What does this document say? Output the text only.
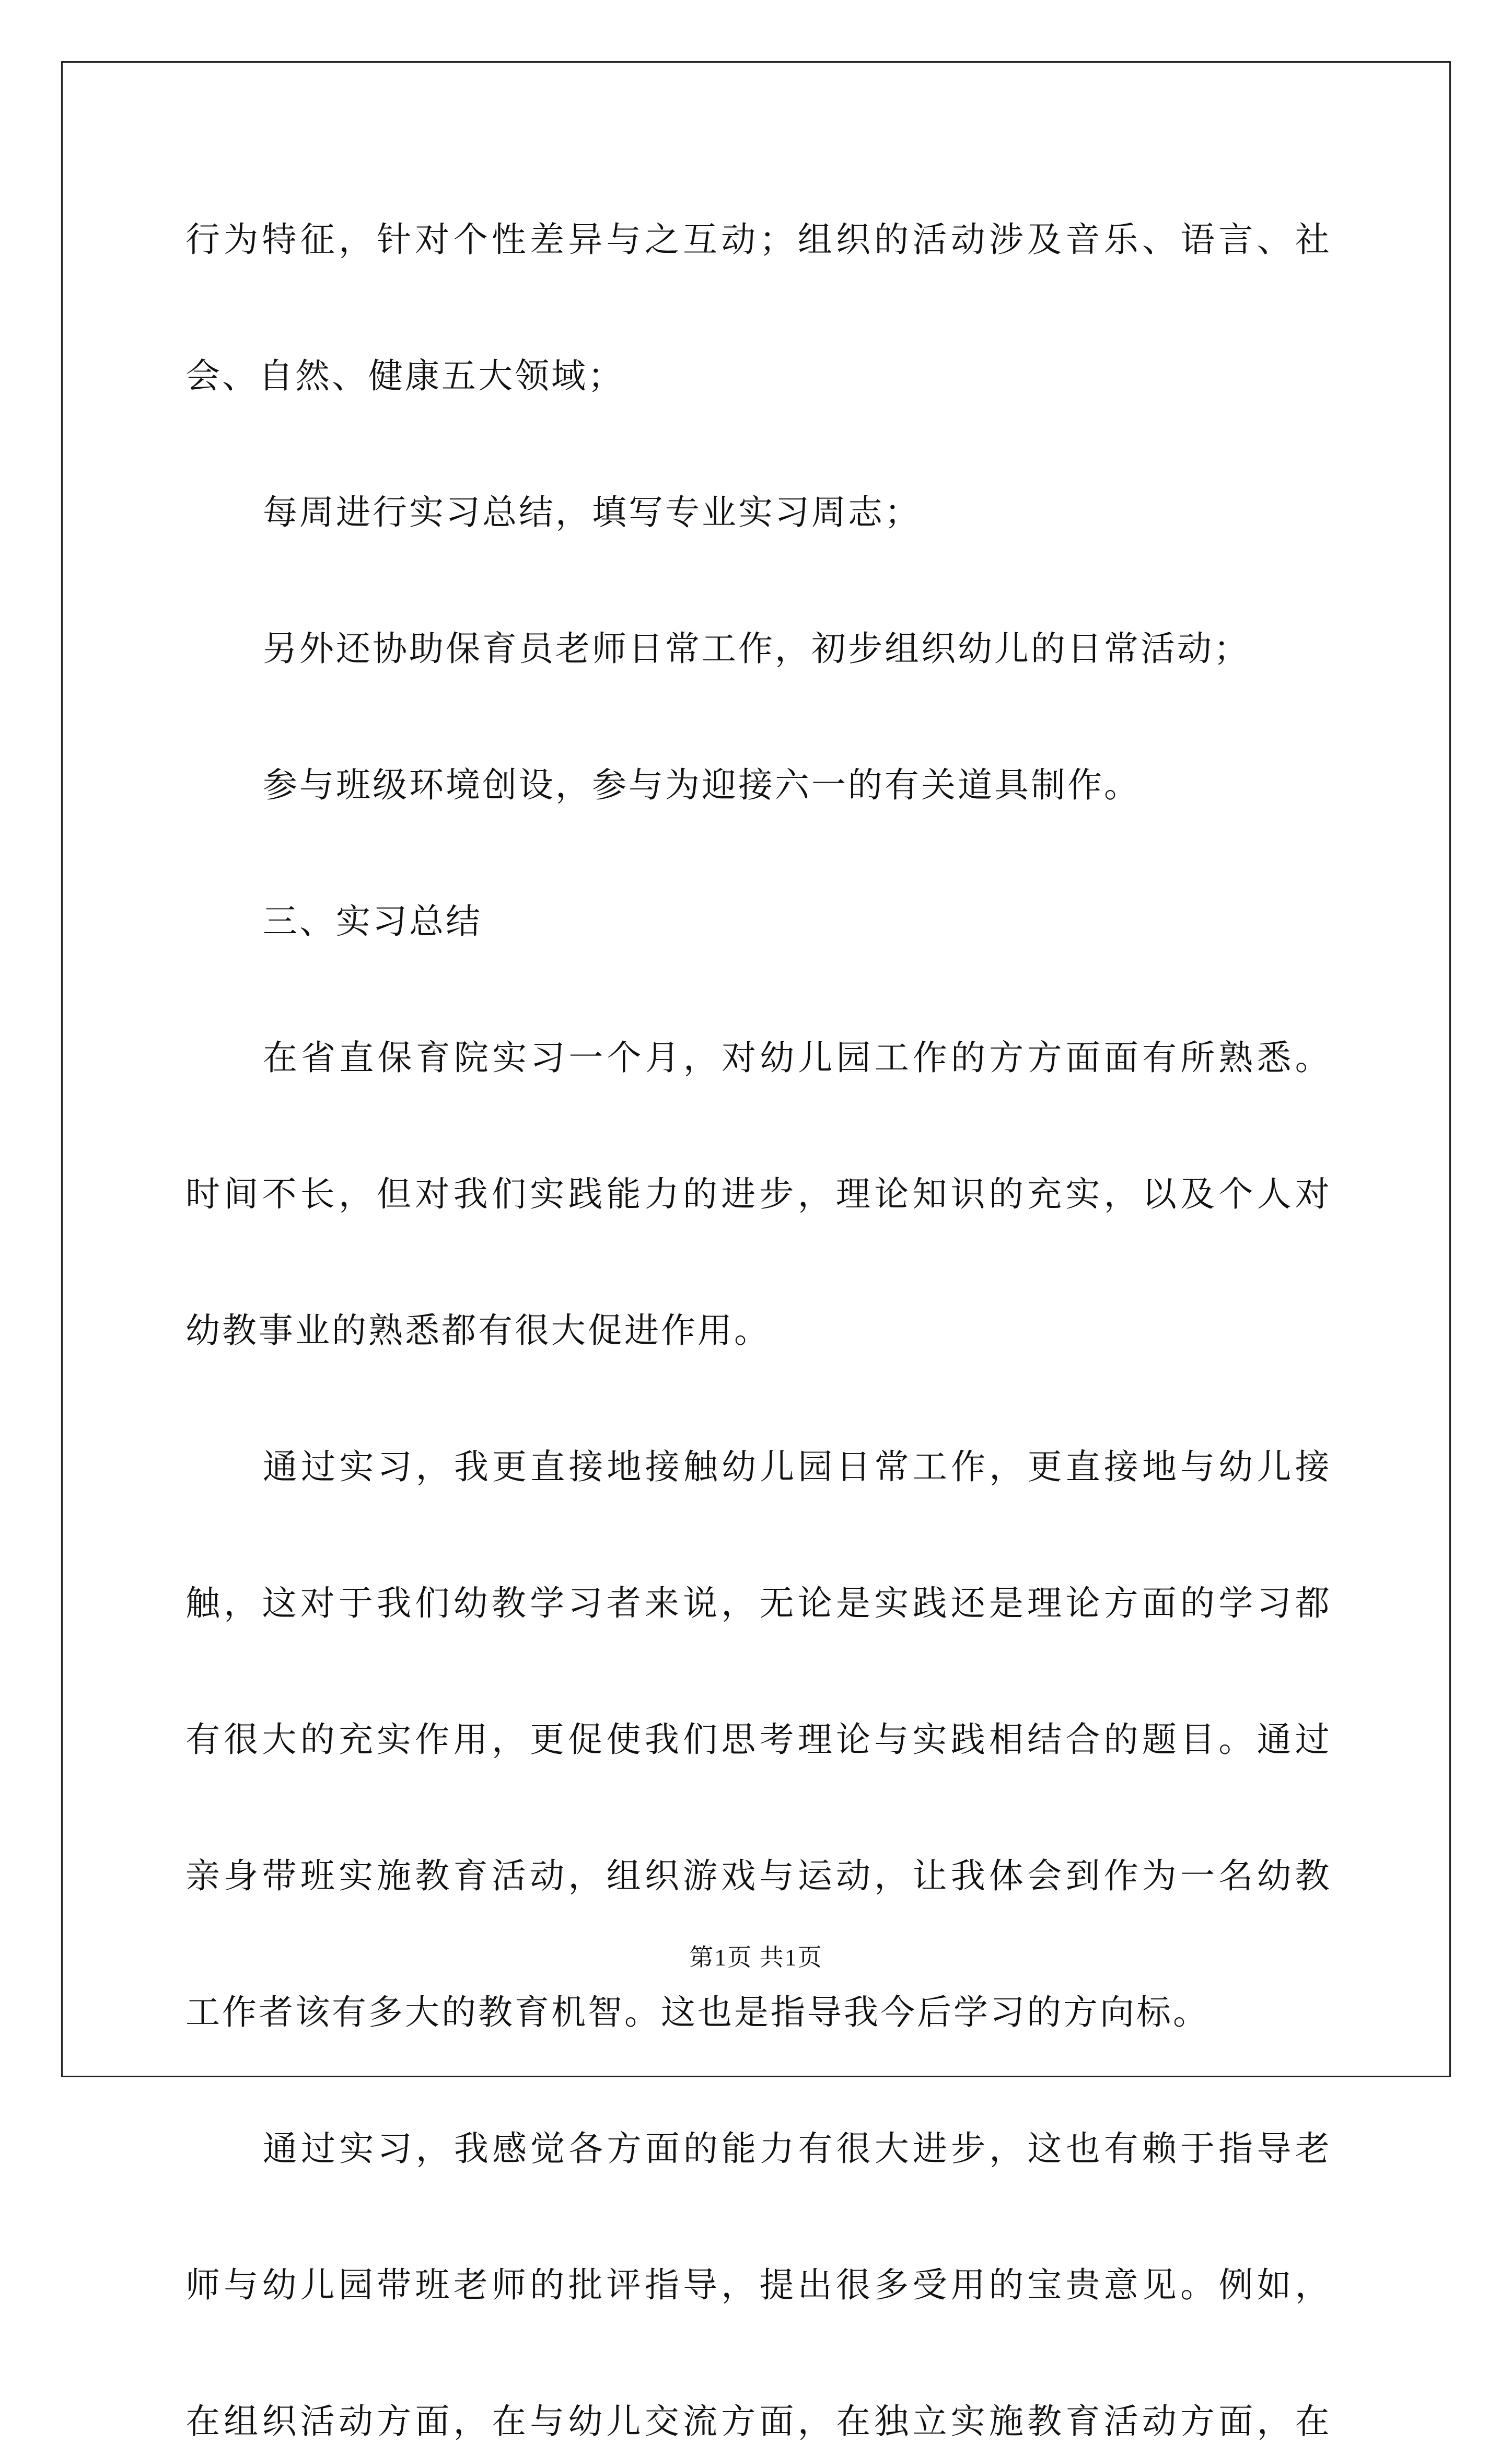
行 为 特 征 ， 针 对 个 性 差 异 与 之 互 动 ； 组 织 的 活 动 涉 及 音 乐 、 语 言 、 社
会、自然、健康五大领域；
每周进行实习总结，填写专业实习周志；
另外还协助保育员老师日常工作，初步组织幼儿的日常活动；
参与班级环境创设，参与为迎接六一的有关道具制作。
三、实习总结
在 省 直 保 育 院 实 习 一 个 月 ， 对 幼 儿 园 工 作 的 方 方 面 面 有 所 熟 悉 。
时 间 不 长 ， 但 对 我 们 实 践 能 力 的 进 步 ， 理 论 知 识 的 充 实 ， 以 及 个 人 对
幼教事业的熟悉都有很大促进作用。
通 过 实 习 ， 我 更 直 接 地 接 触 幼 儿 园 日 常 工 作 ， 更 直 接 地 与 幼 儿 接
触 ， 这 对 于 我 们 幼 教 学 习 者 来 说 ， 无 论 是 实 践 还 是 理 论 方 面 的 学 习 都
有 很 大 的 充 实 作 用 ， 更 促 使 我 们 思 考 理 论 与 实 践 相 结 合 的 题 目 。 通 过
亲 身 带 班 实 施 教 育 活 动 ， 组 织 游 戏 与 运 动 ， 让 我 体 会 到 作 为 一 名 幼 教
工作者该有多大的教育机智。这也是指导我今后学习的方向标。
通 过 实 习 ， 我 感 觉 各 方 面 的 能 力 有 很 大 进 步 ， 这 也 有 赖 于 指 导 老
师 与 幼 儿 园 带 班 老 师 的 批 评 指 导 ， 提 出 很 多 受 用 的 宝 贵 意 见 。 例 如 ，
在 组 织 活 动 方 面 ， 在 与 幼 儿 交 流 方 面 ， 在 独 立 实 施 教 育 活 动 方 面 ， 在
第1页 共1页
